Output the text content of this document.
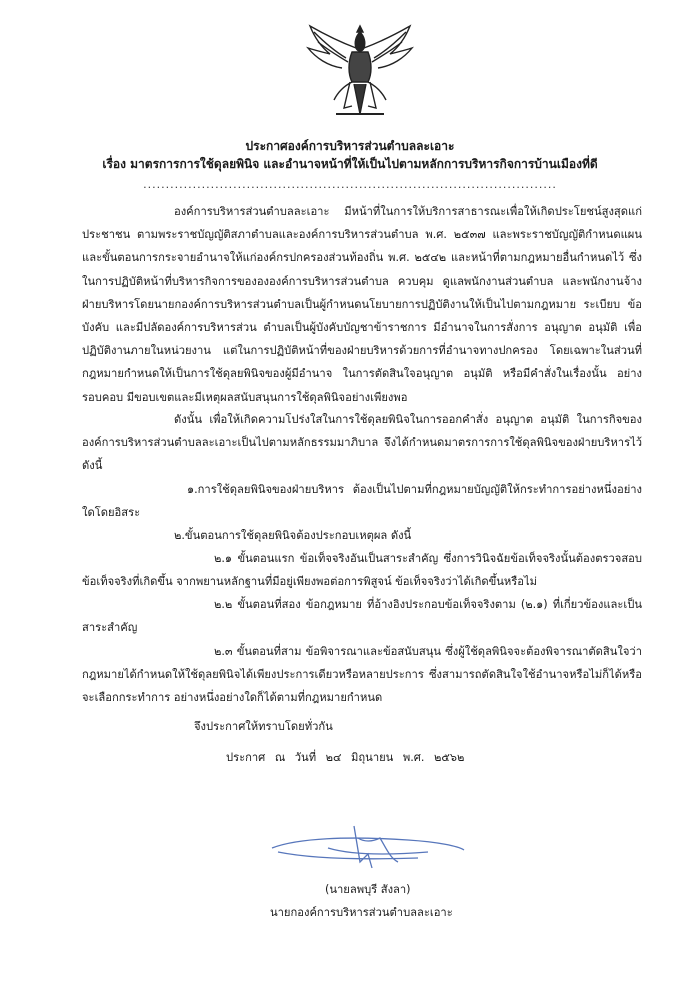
ประกาศองค์การบริหารส่วนตำบลละเอาะ
เรื่อง มาตรการการใช้ดุลยพินิจ และอำนาจหน้าที่ให้เป็นไปตามหลักการบริหารกิจการบ้านเมืองที่ดี
............................................................................................

องค์การบริหารส่วนตำบลละเอาะ มีหน้าที่ในการให้บริการสาธารณะเพื่อให้เกิดประโยชน์สูงสุดแก่ประชาชน ตามพระราชบัญญัติสภาตำบลและองค์การบริหารส่วนตำบล พ.ศ. ๒๕๓๗ และพระราชบัญญัติกำหนดแผนและขั้นตอนการกระจายอำนาจให้แก่องค์กรปกครองส่วนท้องถิ่น พ.ศ. ๒๕๔๒ และหน้าที่ตามกฎหมายอื่นกำหนดไว้ ซึ่งในการปฏิบัติหน้าที่บริหารกิจการของององค์การบริหารส่วนตำบล ควบคุม ดูแลพนักงานส่วนตำบล และพนักงานจ้าง ฝ่ายบริหารโดยนายกองค์การบริหารส่วนตำบลเป็นผู้กำหนดนโยบายการปฏิบัติงานให้เป็นไปตามกฎหมาย ระเบียบ ข้อบังคับ และมีปลัดองค์การบริหารส่วน ตำบลเป็นผู้บังคับบัญชาข้าราชการ มีอำนาจในการสั่งการ อนุญาต อนุมัติ เพื่อปฏิบัติงานภายในหน่วยงาน แต่ในการปฏิบัติหน้าที่ของฝ่ายบริหารด้วยการที่อำนาจทางปกครอง โดยเฉพาะในส่วนที่กฎหมายกำหนดให้เป็นการใช้ดุลยพินิจของผู้มีอำนาจ ในการตัดสินใจอนุญาต อนุมัติ หรือมีคำสั่งในเรื่องนั้น อย่างรอบคอบ มีขอบเขตและมีเหตุผลสนับสนุนการใช้ดุลพินิจอย่างเพียงพอ

ดังนั้น เพื่อให้เกิดความโปร่งใสในการใช้ดุลยพินิจในการออกคำสั่ง อนุญาต อนุมัติ ในการกิจขององค์การบริหารส่วนตำบลละเอาะเป็นไปตามหลักธรรมมาภิบาล จึงได้กำหนดมาตรการการใช้ดุลพินิจของฝ่ายบริหารไว้ดังนี้

๑.การใช้ดุลยพินิจของฝ่ายบริหาร ต้องเป็นไปตามที่กฎหมายบัญญัติให้กระทำการอย่างหนึ่งอย่างใดโดยอิสระ

๒.ขั้นตอนการใช้ดุลยพินิจต้องประกอบเหตุผล ดังนี้

๒.๑ ขั้นตอนแรก ข้อเท็จจริงอันเป็นสาระสำคัญ ซึ่งการวินิจฉัยข้อเท็จจริงนั้นต้องตรวจสอบข้อเท็จจริงที่เกิดขึ้น จากพยานหลักฐานที่มีอยู่เพียงพอต่อการพิสูจน์ ข้อเท็จจริงว่าได้เกิดขึ้นหรือไม่

๒.๒ ขั้นตอนที่สอง ข้อกฎหมาย ที่อ้างอิงประกอบข้อเท็จจริงตาม (๒.๑) ที่เกี่ยวข้องและเป็นสาระสำคัญ

๒.๓ ขั้นตอนที่สาม ข้อพิจารณาและข้อสนับสนุน ซึ่งผู้ใช้ดุลพินิจจะต้องพิจารณาตัดสินใจว่ากฎหมายได้กำหนดให้ใช้ดุลยพินิจได้เพียงประการเดียวหรือหลายประการ ซึ่งสามารถตัดสินใจใช้อำนาจหรือไม่ก็ได้หรือจะเลือกกระทำการ อย่างหนึ่งอย่างใดก็ได้ตามที่กฎหมายกำหนด

จึงประกาศให้ทราบโดยทั่วกัน
ประกาศ ณ วันที่ ๒๔ มิถุนายน พ.ศ. ๒๕๖๒
(นายลพบุรี สังลา)
นายกองค์การบริหารส่วนตำบลละเอาะ
